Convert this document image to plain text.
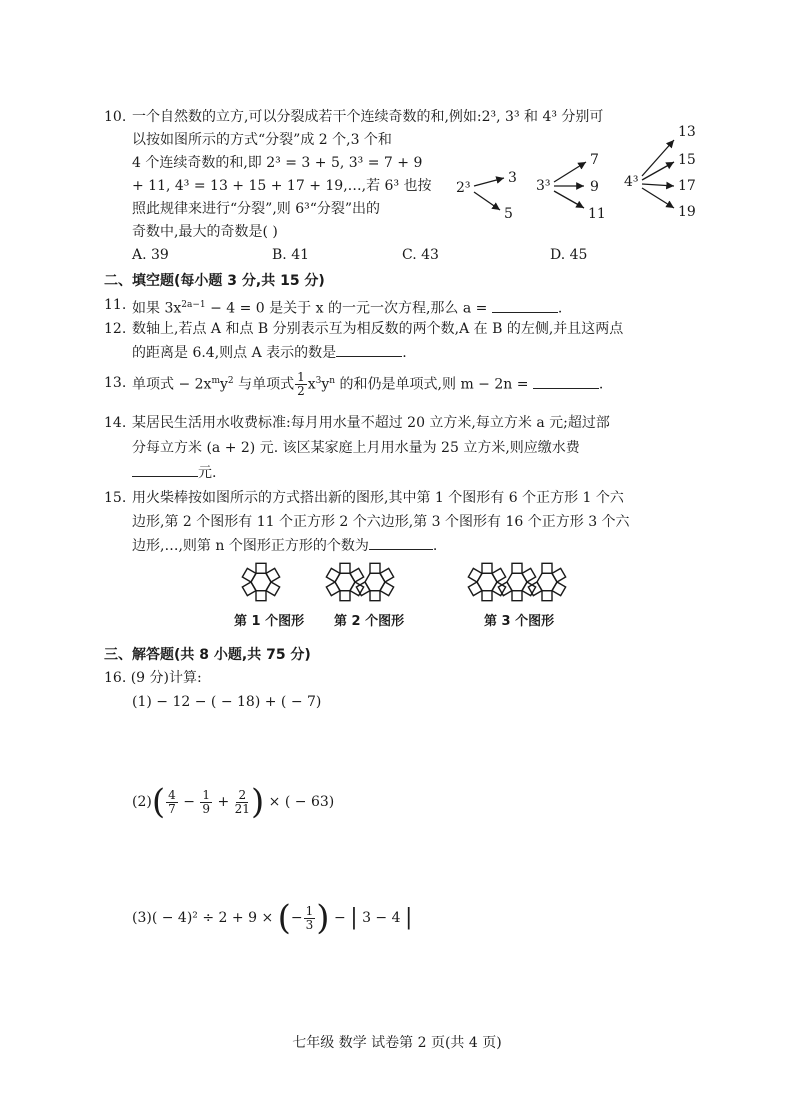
10. 一个自然数的立方,可以分裂成若干个连续奇数的和,例如:2³, 3³ 和 4³ 分别可
以按如图所示的方式“分裂”成 2 个,3 个和
4 个连续奇数的和,即 2³ = 3 + 5, 3³ = 7 + 9
+ 11, 4³ = 13 + 15 + 17 + 19,…,若 6³ 也按
照此规律来进行“分裂”,则 6³“分裂”出的
奇数中,最大的奇数是( )
2³
3
5
3³
7
9
11
4³
13
15
17
19
A. 39	B. 41	C. 43	D. 45
二、填空题(每小题 3 分,共 15 分)
11. 如果 $3x^{2a-1} - 4 = 0$ 是关于 x 的一元一次方程,那么 a =	.
12. 数轴上,若点 A 和点 B 分别表示互为相反数的两个数,A 在 B 的左侧,并且这两点
的距离是 6.4,则点 A 表示的数是	.
13. 单项式 − $2x^my^2$ 与单项式 $\frac{1}{2} x^3y^n$ 的和仍是单项式,则 m − 2n =	.
14. 某居民生活用水收费标准:每月用水量不超过 20 立方米,每立方米 a 元;超过部
分每立方米 (a + 2) 元. 该区某家庭上月用水量为 25 立方米,则应缴水费
元.
15. 用火柴棒按如图所示的方式搭出新的图形,其中第 1 个图形有 6 个正方形 1 个六
边形,第 2 个图形有 11 个正方形 2 个六边形,第 3 个图形有 16 个正方形 3 个六
边形,…,则第 n 个图形正方形的个数为	.
第 1 个图形 第 2 个图形	第 3 个图形
三、解答题(共 8 小题,共 75 分)
16. (9 分)计算:
(1) − 12 − ( − 18) + ( − 7)
$(2)( \frac{4}{7} - \frac{1}{9} + \frac{2}{21}$ ) × ( − 63)
(3)( − 4)² ÷ 2 + 9 × (− $\frac{1}{3}$ ) − | 3 − 4 |
七年级 数学 试卷第 2 页(共 4 页)
